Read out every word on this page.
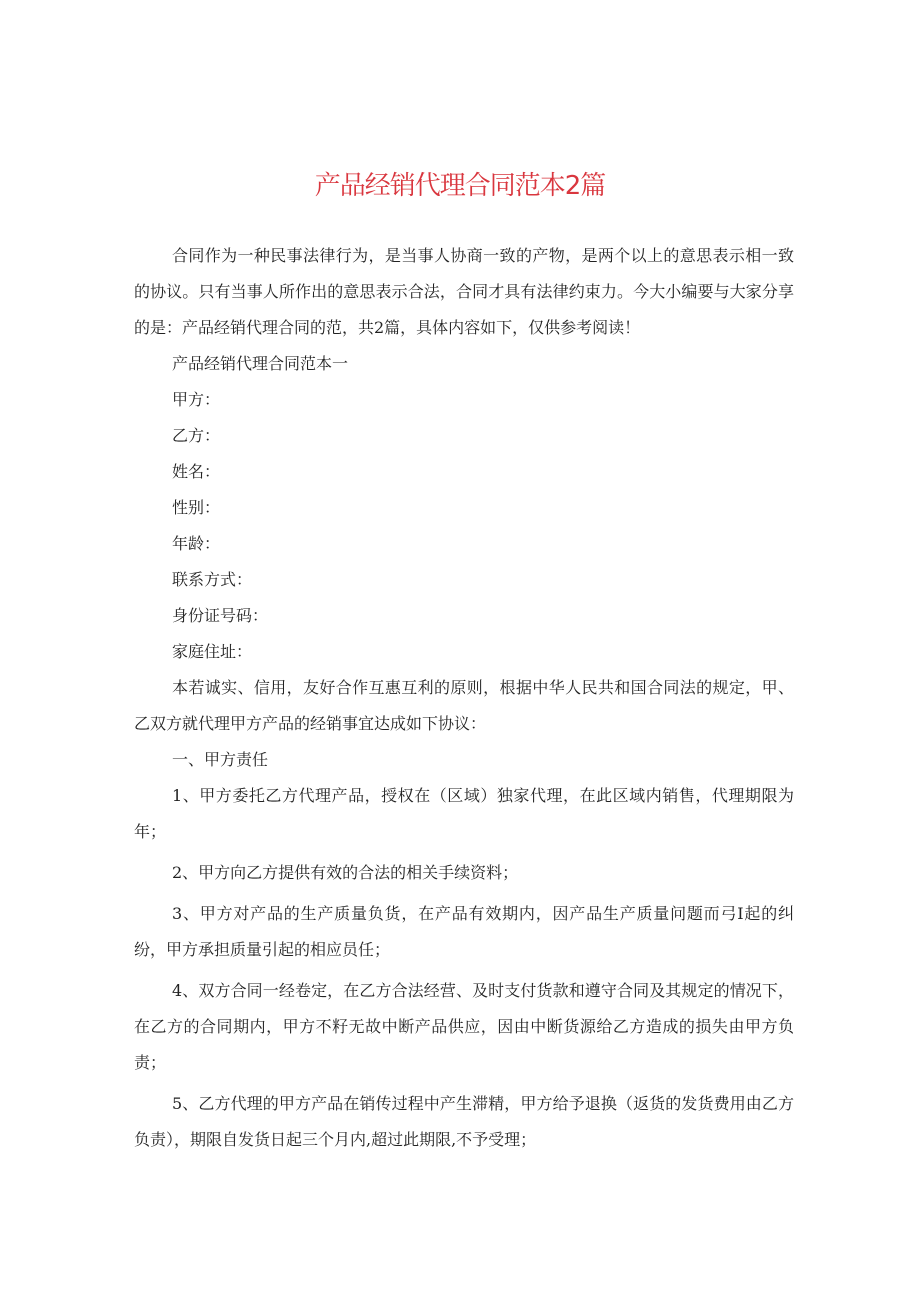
产品经销代理合同范本2篇

合同作为一种民事法律行为，是当事人协商一致的产物，是两个以上的意思表示相一致的协议。只有当事人所作出的意思表示合法，合同才具有法律约束力。今大小编要与大家分享的是：产品经销代理合同的范，共2篇，具体内容如下，仅供参考阅读！

产品经销代理合同范本一

甲方：

乙方：

姓名：

性别：

年龄：

联系方式：

身份证号码：

家庭住址：

本若诚实、信用，友好合作互惠互利的原则，根据中华人民共和国合同法的规定，甲、乙双方就代理甲方产品的经销事宜达成如下协议：

一、甲方责任

1、甲方委托乙方代理产品，授权在（区域）独家代理，在此区域内销售，代理期限为年；

2、甲方向乙方提供有效的合法的相关手续资料；

3、甲方对产品的生产质量负货，在产品有效期内，因产品生产质量问题而弓I起的纠纷，甲方承担质量引起的相应员任；

4、双方合同一经卷定，在乙方合法经营、及时支付货款和遵守合同及其规定的情况下，在乙方的合同期内，甲方不籽无故中断产品供应，因由中断货源给乙方造成的损失由甲方负责；

5、乙方代理的甲方产品在销传过程中产生滞精，甲方给予退换（返货的发货费用由乙方负责），期限自发货日起三个月内,超过此期限,不予受理；
